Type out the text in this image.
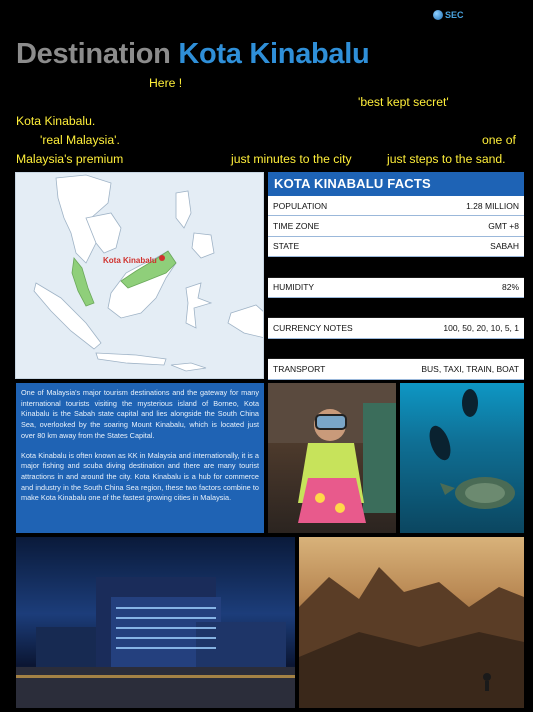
SEC
Destination Kota Kinabalu
Here !
'best kept secret'
Kota Kinabalu.
'real Malaysia'.	one of
Malaysia's premium	just minutes to the city	just steps to the sand.
Kota Kinabalu
KOTA KINABALU FACTS
POPULATION	1.28 MILLION
TIME ZONE	GMT +8
STATE	SABAH
HUMIDITY	82%
CURRENCY NOTES	100, 50, 20, 10, 5, 1
TRANSPORT	BUS, TAXI, TRAIN, BOAT

One of Malaysia's major tourism destinations and the gateway for many international tourists visiting the mysterious island of Borneo, Kota Kinabalu is the Sabah state capital and lies alongside the South China Sea, overlooked by the soaring Mount Kinabalu, which is located just over 80 km away from the States Capital.

Kota Kinabalu is often known as KK in Malaysia and internationally, it is a major fishing and scuba diving destination and there are many tourist attractions in and around the city. Kota Kinabalu is a hub for commerce and industry in the South China Sea region, these two factors combine to make Kota Kinabalu one of the fastest growing cities in Malaysia.
